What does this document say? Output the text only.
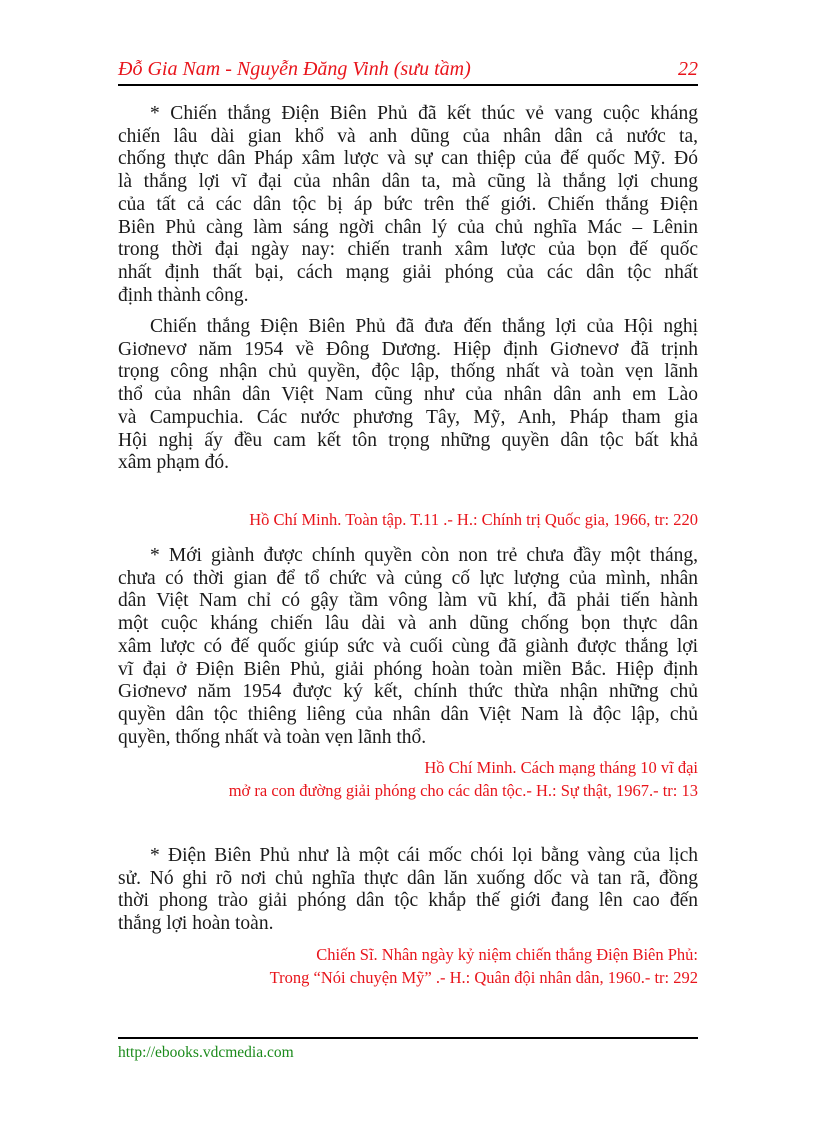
Đỗ Gia Nam - Nguyễn Đăng Vinh (sưu tầm)	22
* Chiến thắng Điện Biên Phủ đã kết thúc vẻ vang cuộc kháng
chiến lâu dài gian khổ và anh dũng của nhân dân cả nước ta,
chống thực dân Pháp xâm lược và sự can thiệp của đế quốc Mỹ. Đó
là thắng lợi vĩ đại của nhân dân ta, mà cũng là thắng lợi chung
của tất cả các dân tộc bị áp bức trên thế giới. Chiến thắng Điện
Biên Phủ càng làm sáng ngời chân lý của chủ nghĩa Mác – Lênin
trong thời đại ngày nay: chiến tranh xâm lược của bọn đế quốc
nhất định thất bại, cách mạng giải phóng của các dân tộc nhất
định thành công.
Chiến thắng Điện Biên Phủ đã đưa đến thắng lợi của Hội nghị
Giơnevơ năm 1954 về Đông Dương. Hiệp định Giơnevơ đã trịnh
trọng công nhận chủ quyền, độc lập, thống nhất và toàn vẹn lãnh
thổ của nhân dân Việt Nam cũng như của nhân dân anh em Lào
và Campuchia. Các nước phương Tây, Mỹ, Anh, Pháp tham gia
Hội nghị ấy đều cam kết tôn trọng những quyền dân tộc bất khả
xâm phạm đó.
Hồ Chí Minh. Toàn tập. T.11 .- H.: Chính trị Quốc gia, 1966, tr: 220
* Mới giành được chính quyền còn non trẻ chưa đầy một tháng,
chưa có thời gian để tổ chức và củng cố lực lượng của mình, nhân
dân Việt Nam chỉ có gậy tầm vông làm vũ khí, đã phải tiến hành
một cuộc kháng chiến lâu dài và anh dũng chống bọn thực dân
xâm lược có đế quốc giúp sức và cuối cùng đã giành được thắng lợi
vĩ đại ở Điện Biên Phủ, giải phóng hoàn toàn miền Bắc. Hiệp định
Giơnevơ năm 1954 được ký kết, chính thức thừa nhận những chủ
quyền dân tộc thiêng liêng của nhân dân Việt Nam là độc lập, chủ
quyền, thống nhất và toàn vẹn lãnh thổ.
Hồ Chí Minh. Cách mạng tháng 10 vĩ đại
mở ra con đường giải phóng cho các dân tộc.- H.: Sự thật, 1967.- tr: 13
* Điện Biên Phủ như là một cái mốc chói lọi bằng vàng của lịch
sử. Nó ghi rõ nơi chủ nghĩa thực dân lăn xuống dốc và tan rã, đồng
thời phong trào giải phóng dân tộc khắp thế giới đang lên cao đến
thắng lợi hoàn toàn.
Chiến Sĩ. Nhân ngày kỷ niệm chiến thắng Điện Biên Phủ:
Trong “Nói chuyện Mỹ” .- H.: Quân đội nhân dân, 1960.- tr: 292
http://ebooks.vdcmedia.com
